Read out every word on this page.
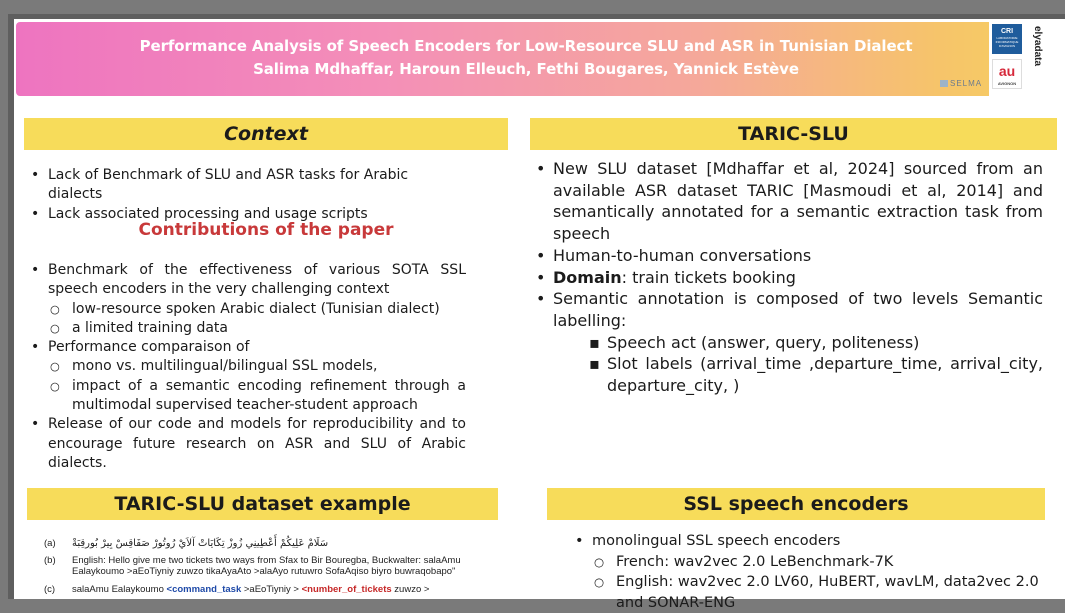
Performance Analysis of Speech Encoders for Low-Resource SLU and ASR in Tunisian Dialect
Salima Mdhaffar, Haroun Elleuch, Fethi Bougares, Yannick Estève
SELMA
CRI
LABORATOIRE INFORMATIQUE D'AVIGNON
au
AVIGNON
elyadata
Context
• Lack of Benchmark of SLU and ASR tasks for Arabic dialects
• Lack associated processing and usage scripts
Contributions of the paper
• Benchmark of the effectiveness of various SOTA SSL speech encoders in the very challenging context
○ low-resource spoken Arabic dialect (Tunisian dialect)
○ a limited training data
• Performance comparaison of
○ mono vs. multilingual/bilingual SSL models,
○ impact of a semantic encoding refinement through a multimodal supervised teacher-student approach
• Release of our code and models for reproducibility and to encourage future research on ASR and SLU of Arabic dialects.
TARIC-SLU
• New SLU dataset [Mdhaffar et al, 2024] sourced from an available ASR dataset TARIC [Masmoudi et al, 2014] and semantically annotated for a semantic extraction task from speech
• Human-to-human conversations
• Domain: train tickets booking
• Semantic annotation is composed of two levels Semantic labelling:
▪ Speech act (answer, query, politeness)
▪ Slot labels (arrival_time ,departure_time, arrival_city, departure_city, )
TARIC-SLU dataset example
(a)	سَلَامْ عَلِيكُمْ أَعْطِينِي زُوزْ تِكَايَاتْ آلاَيْ رُوتُورْ صَفَاقِسْ بِيرْ بُورقِبَةْ
(b)	English: Hello give me two tickets two ways from Sfax to Bir Bouregba, Buckwalter: salaAmu Ealaykoumo >aEoTiyniy zuwzo tikaAyaAto >alaAyo rutuwro SofaAqiso biyro buwraqobapo"
(c)	salaAmu Ealaykoumo <command_task >aEoTiyniy > <number_of_tickets zuwzo >
SSL speech encoders
• monolingual SSL speech encoders
○ French: wav2vec 2.0 LeBenchmark-7K
○ English: wav2vec 2.0 LV60, HuBERT, wavLM, data2vec 2.0 and SONAR-ENG
